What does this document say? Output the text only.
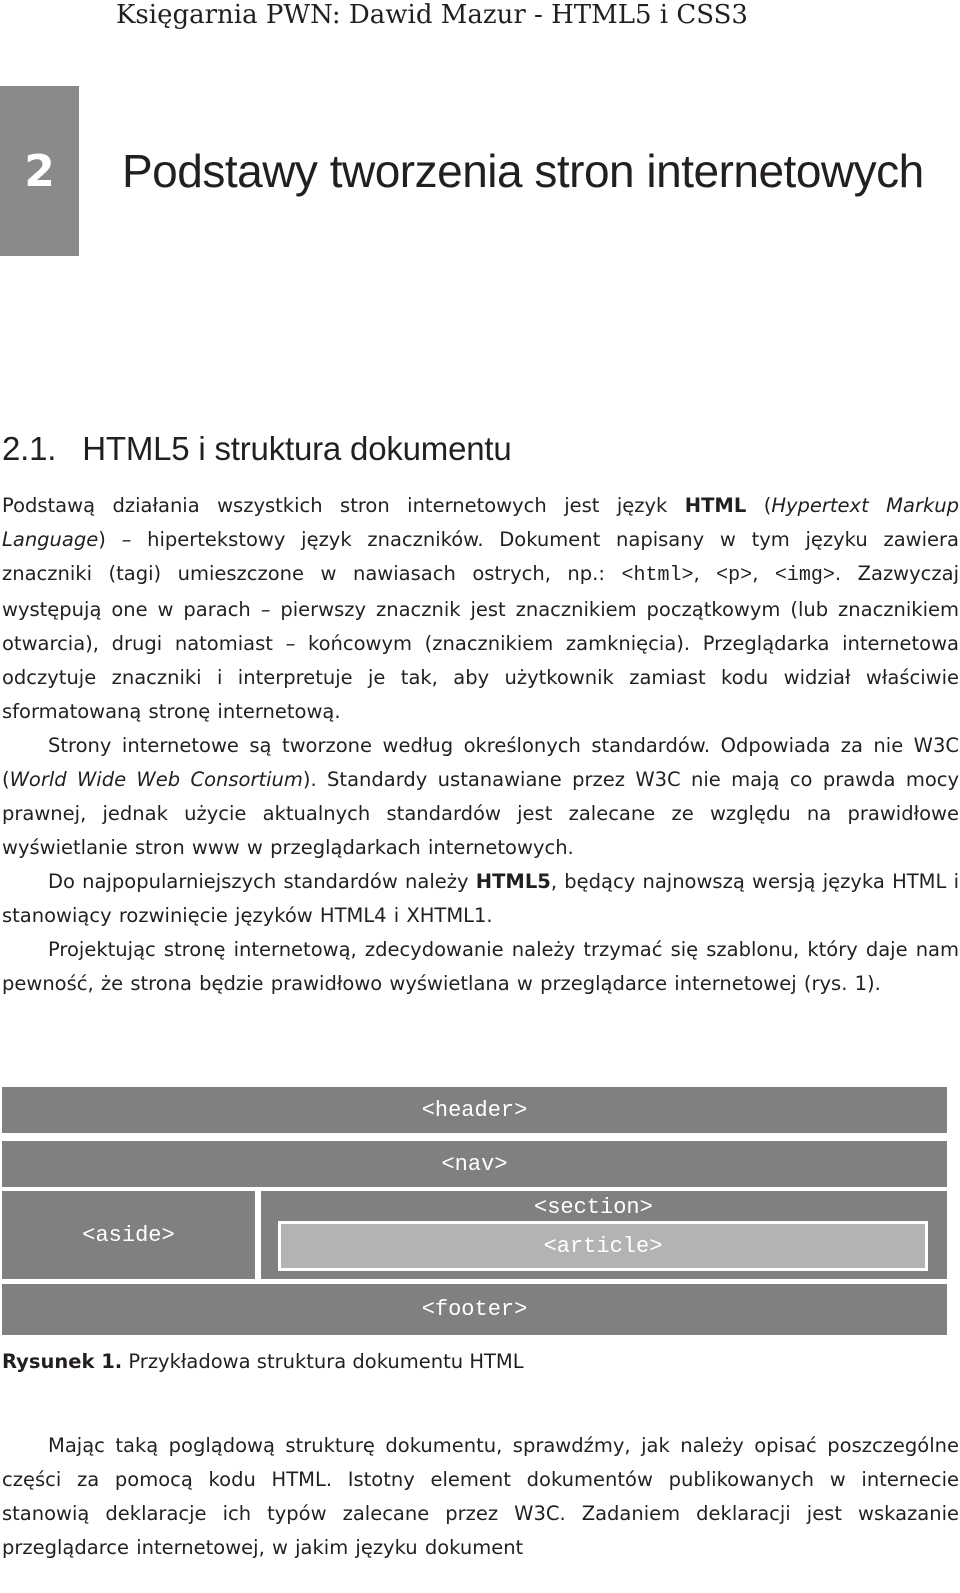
Księgarnia PWN: Dawid Mazur - HTML5 i CSS3
2 Podstawy tworzenia stron internetowych
2.1. HTML5 i struktura dokumentu

Podstawą działania wszystkich stron internetowych jest język HTML (Hypertext Markup Language) – hipertekstowy język znaczników. Dokument napisany w tym języku zawiera znaczniki (tagi) umieszczone w nawiasach ostrych, np.: <html>, <p>, <img>. Zazwyczaj występują one w parach – pierwszy znacznik jest znacznikiem początkowym (lub znacznikiem otwarcia), drugi natomiast – końcowym (znacznikiem zamknięcia). Przeglądarka internetowa odczytuje znaczniki i interpretuje je tak, aby użytkownik zamiast kodu widział właściwie sformatowaną stronę internetową.

Strony internetowe są tworzone według określonych standardów. Odpowiada za nie W3C (World Wide Web Consortium). Standardy ustanawiane przez W3C nie mają co prawda mocy prawnej, jednak użycie aktualnych standardów jest zalecane ze względu na prawidłowe wyświetlanie stron www w przeglądarkach internetowych.

Do najpopularniejszych standardów należy HTML5, będący najnowszą wersją języka HTML i stanowiący rozwinięcie języków HTML4 i XHTML1.

Projektując stronę internetową, zdecydowanie należy trzymać się szablonu, który daje nam pewność, że strona będzie prawidłowo wyświetlana w przeglądarce internetowej (rys. 1).

<header>
<nav>
<aside>
<section>
<article>
<footer>
Rysunek 1. Przykładowa struktura dokumentu HTML

Mając taką poglądową strukturę dokumentu, sprawdźmy, jak należy opisać poszczególne części za pomocą kodu HTML. Istotny element dokumentów publikowanych w internecie stanowią deklaracje ich typów zalecane przez W3C. Zadaniem deklaracji jest wskazanie przeglądarce internetowej, w jakim języku dokument
